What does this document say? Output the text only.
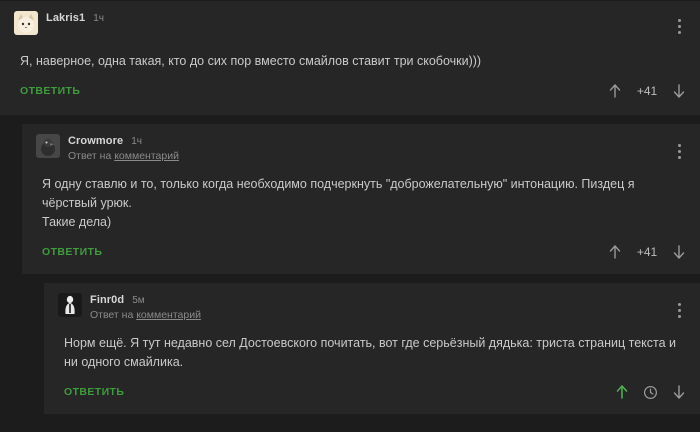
Lakris1 1ч

Я, наверное, одна такая, кто до сих пор вместо смайлов ставит три скобочки)))

ОТВЕТИТЬ	+41
Crowmore 1ч
Ответ на комментарий

Я одну ставлю и то, только когда необходимо подчеркнуть "доброжелательную" интонацию. Пиздец я чёрствый урюк.

Такие дела)

ОТВЕТИТЬ	+41
Finr0d 5м
Ответ на комментарий

Норм ещё. Я тут недавно сел Достоевского почитать, вот где серьёзный дядька: триста страниц текста и ни одного смайлика.

ОТВЕТИТЬ
